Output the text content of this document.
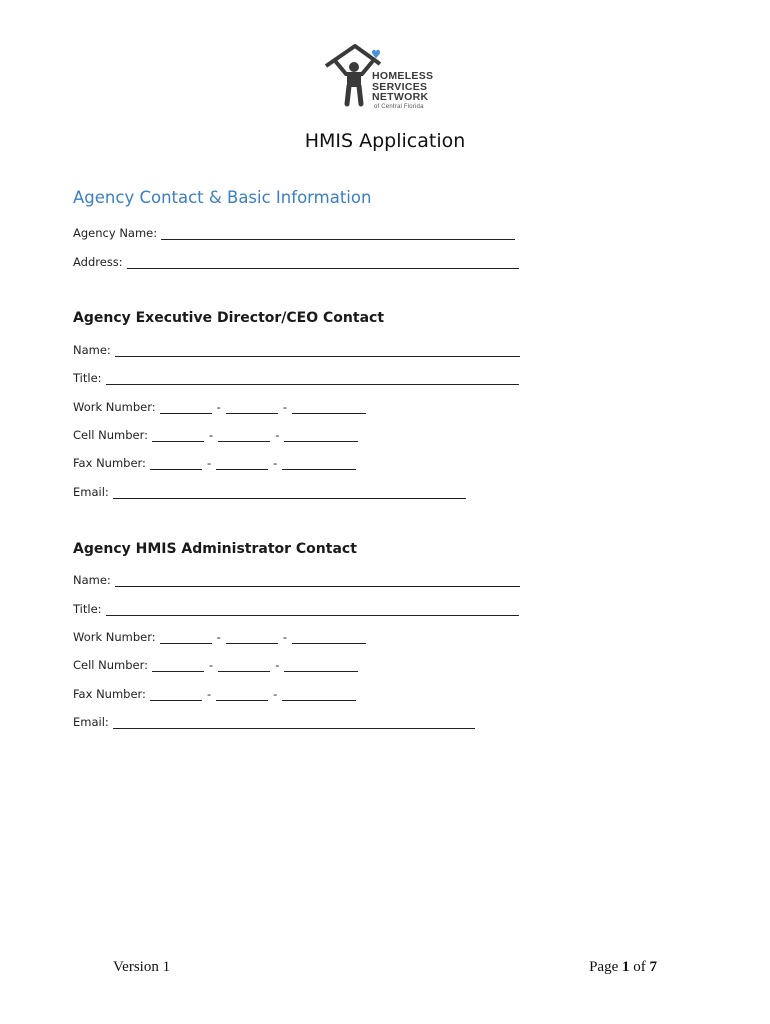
HOMELESS
SERVICES
NETWORK
of Central Florida
HMIS Application
Agency Contact & Basic Information
Agency Name:
Address:
Agency Executive Director/CEO Contact
Name:
Title:
Work Number:	-	-
Cell Number:	-	-
Fax Number:	-	-
Email:
Agency HMIS Administrator Contact
Name:
Title:
Work Number:	-	-
Cell Number:	-	-
Fax Number:	-	-
Email:
Version 1	Page 1 of 7
